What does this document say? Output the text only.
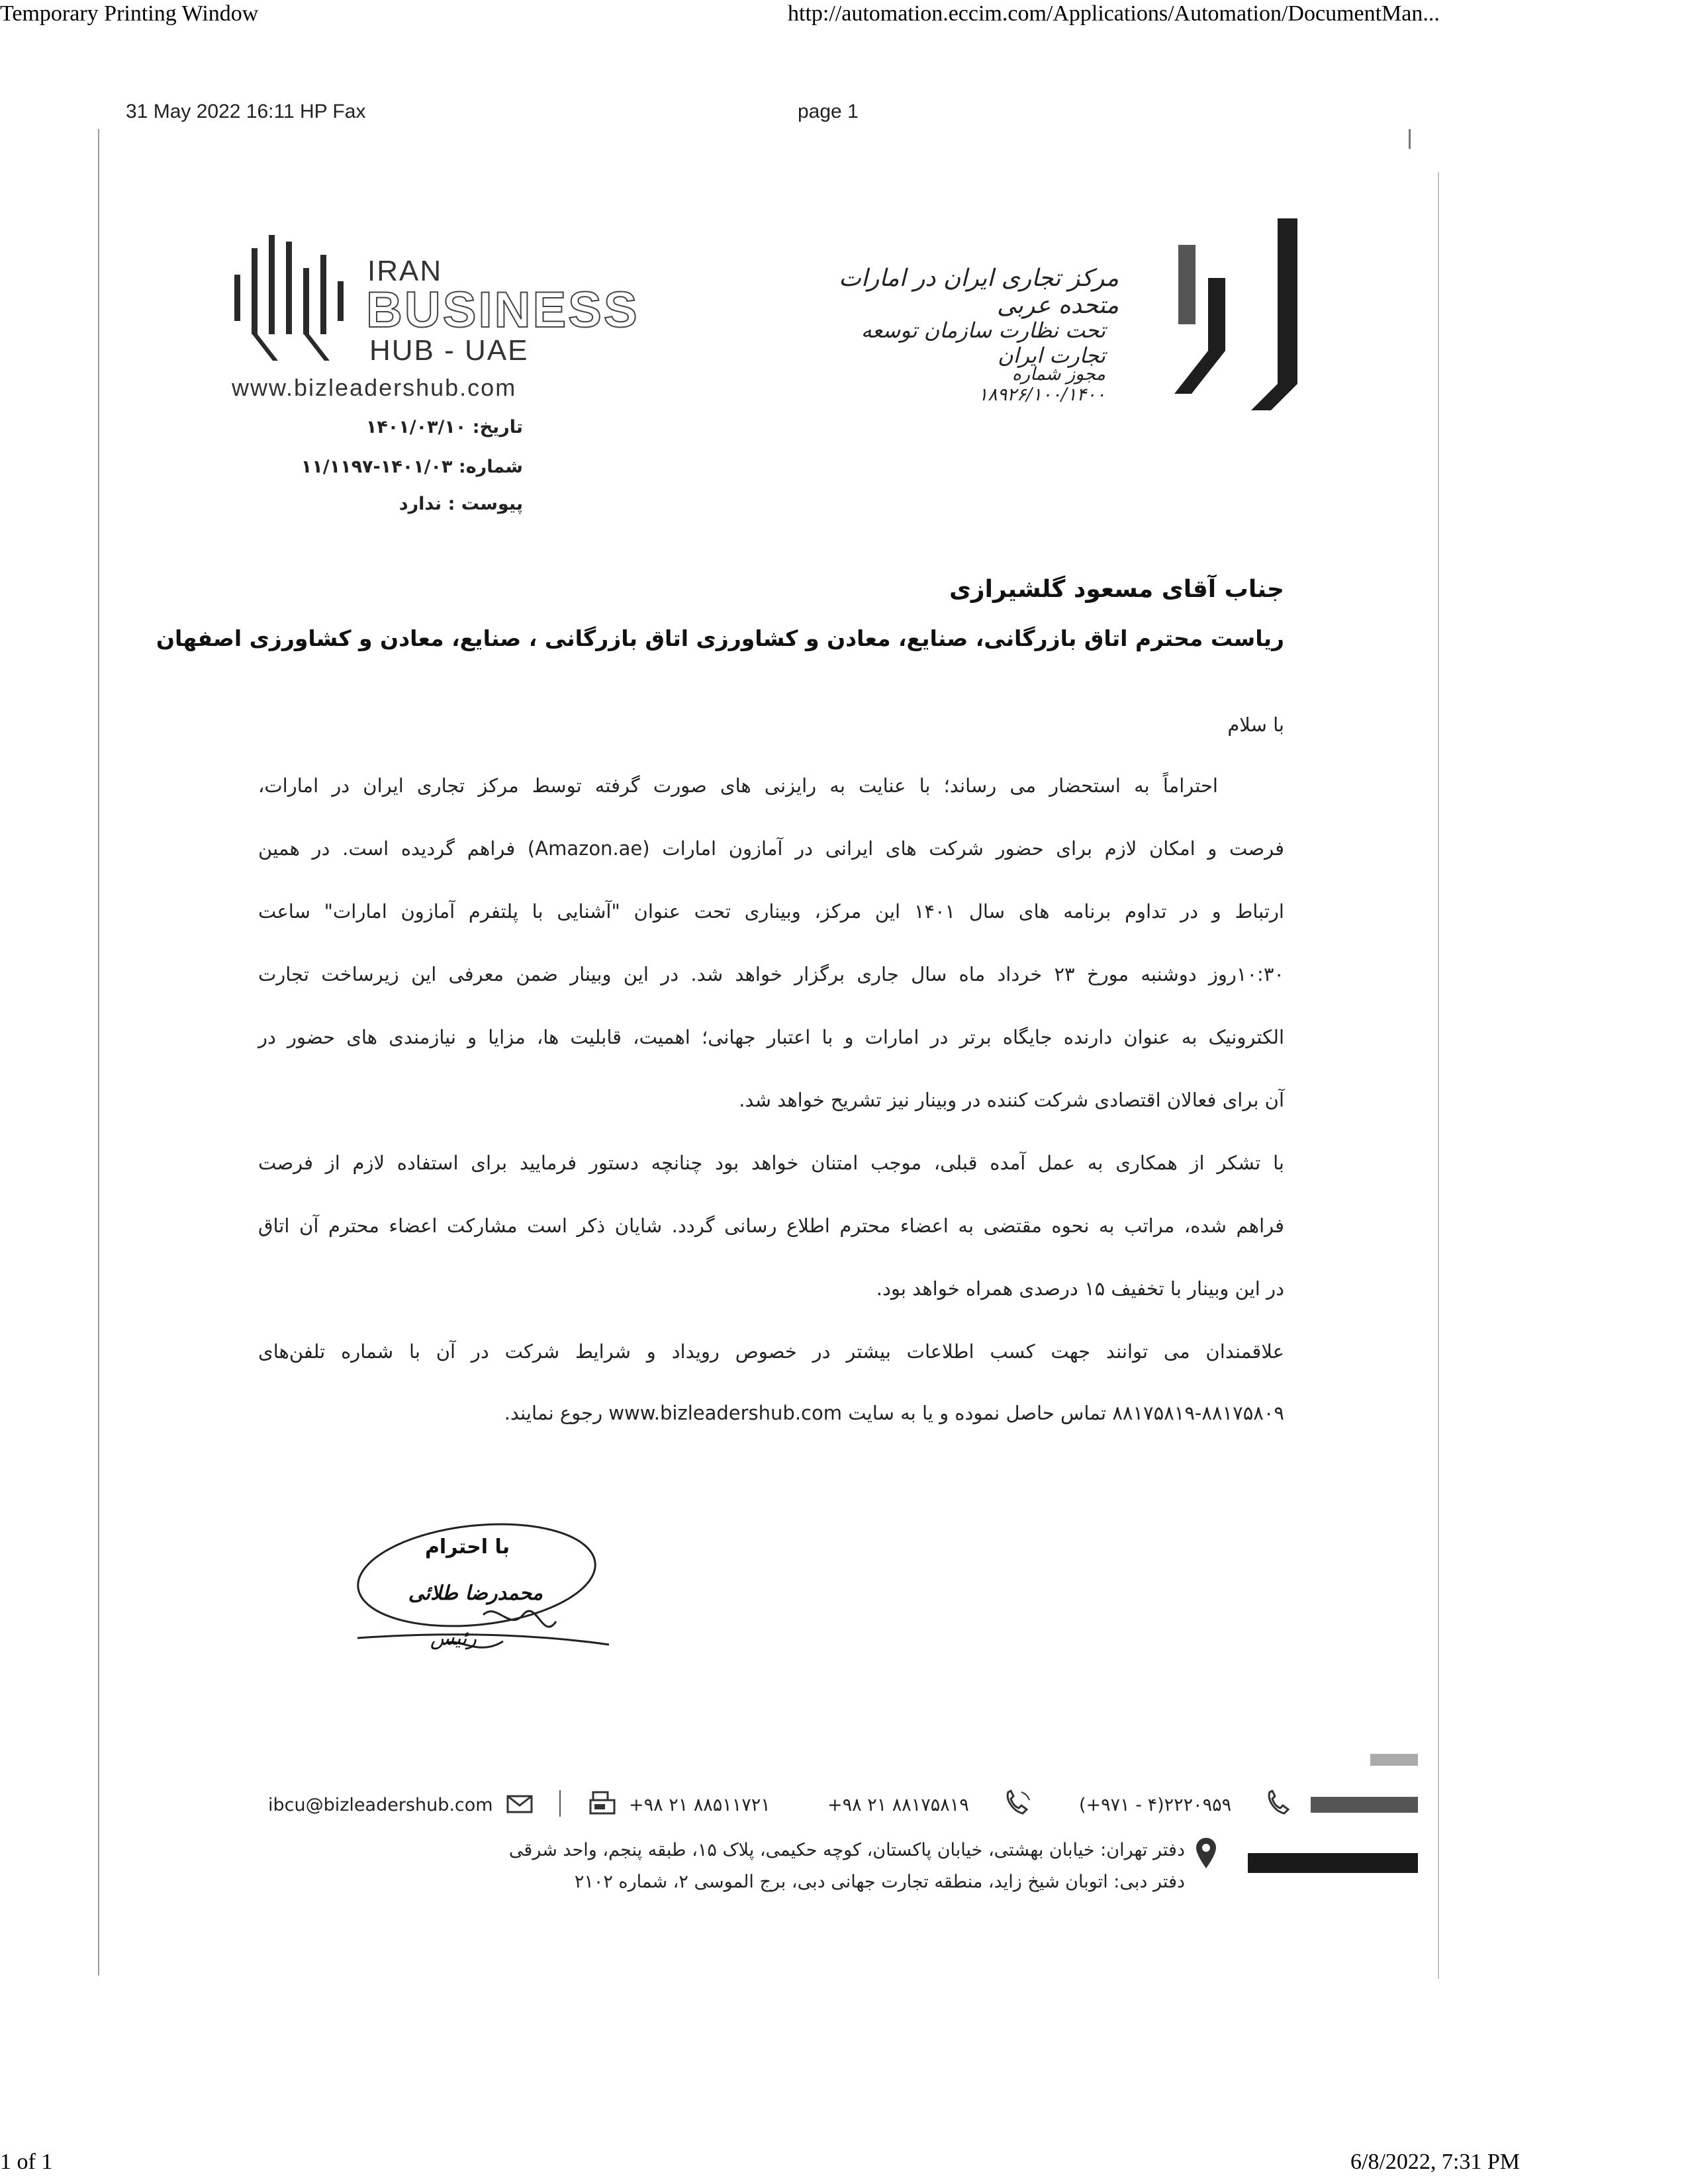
Temporary Printing Window	http://automation.eccim.com/Applications/Automation/DocumentMan...
1 of 1	6/8/2022, 7:31 PM
31 May 2022 16:11 HP Fax	page 1
IRAN
BUSINESS
HUB - UAE
www.bizleadershub.com
مرکز تجاری ایران در امارات متحده عربی
تحت نظارت سازمان توسعه تجارت ایران
مجوز شماره ۱۸۹۲۶/۱۰۰/۱۴۰۰
تاریخ: ۱۴۰۱/۰۳/۱۰
شماره: ۱۴۰۱/۰۳-۱۱/۱۱۹۷
پیوست : ندارد
جناب آقای مسعود گلشیرازی
ریاست محترم اتاق بازرگانی، صنایع، معادن و کشاورزی اتاق بازرگانی ، صنایع، معادن و کشاورزی اصفهان
با سلام
احتراماً به استحضار می رساند؛ با عنایت به رایزنی های صورت گرفته توسط مرکز تجاری ایران در امارات،
فرصت و امکان لازم برای حضور شرکت های ایرانی در آمازون امارات (Amazon.ae) فراهم گردیده است. در همین
ارتباط و در تداوم برنامه های سال ۱۴۰۱ این مرکز، وبیناری تحت عنوان "آشنایی با پلتفرم آمازون امارات" ساعت
۱۰:۳۰روز دوشنبه مورخ ۲۳ خرداد ماه سال جاری برگزار خواهد شد. در این وبینار ضمن معرفی این زیرساخت تجارت
الکترونیک به عنوان دارنده جایگاه برتر در امارات و با اعتبار جهانی؛ اهمیت، قابلیت ها، مزایا و نیازمندی های حضور در
آن برای فعالان اقتصادی شرکت کننده در وبینار نیز تشریح خواهد شد.
با تشکر از همکاری به عمل آمده قبلی، موجب امتنان خواهد بود چنانچه دستور فرمایید برای استفاده لازم از فرصت
فراهم شده، مراتب به نحوه مقتضی به اعضاء محترم اطلاع رسانی گردد. شایان ذکر است مشارکت اعضاء محترم آن اتاق
در این وبینار با تخفیف ۱۵ درصدی همراه خواهد بود.
علاقمندان می توانند جهت کسب اطلاعات بیشتر در خصوص رویداد و شرایط شرکت در آن با شماره تلفن‌های
۸۸۱۷۵۸۱۹-۸۸۱۷۵۸۰۹ تماس حاصل نموده و یا به سایت www.bizleadershub.com رجوع نمایند.
با احترام
محمدرضا طلائی
رئیس
ibcu@bizleadershub.com	+۹۸ ۲۱ ۸۸۵۱۱۷۲۱	+۹۸ ۲۱ ۸۸۱۷۵۸۱۹	(+۹۷۱ - ۴)۲۲۲۰۹۵۹
دفتر تهران: خیابان بهشتی، خیابان پاکستان، کوچه حکیمی، پلاک ۱۵، طبقه پنجم، واحد شرقی
دفتر دبی: اتوبان شیخ زاید، منطقه تجارت جهانی دبی، برج الموسی ۲، شماره ۲۱۰۲
